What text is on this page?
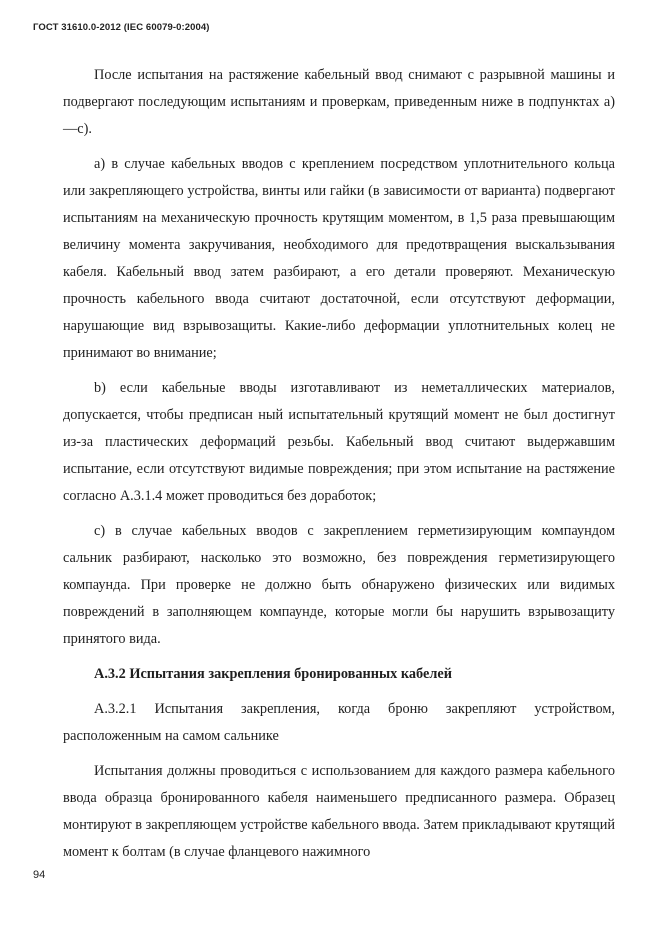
ГОСТ 31610.0-2012 (IEC 60079-0:2004)

После испытания на растяжение кабельный ввод снимают с разрывной машины и подвергают последующим испытаниям и проверкам, приведенным ниже в подпунктах a)—c).

a) в случае кабельных вводов с креплением посредством уплотнительного кольца или закрепляющего устройства, винты или гайки (в зависимости от варианта) подвергают испытаниям на механическую прочность крутящим моментом, в 1,5 раза превышающим величину момента закручивания, необходимого для предотвращения выскальзывания кабеля. Кабельный ввод затем разбирают, а его детали проверяют. Механическую прочность кабельного ввода считают достаточной, если отсутствуют деформации, нарушающие вид взрывозащиты. Какие-либо деформации уплотнительных колец не принимают во внимание;

b) если кабельные вводы изготавливают из неметаллических материалов, допускается, чтобы предписан ный испытательный крутящий момент не был достигнут из-за пластических деформаций резьбы. Кабельный ввод считают выдержавшим испытание, если отсутствуют видимые повреждения; при этом испытание на растяжение согласно А.3.1.4 может проводиться без доработок;

c) в случае кабельных вводов с закреплением герметизирующим компаундом сальник разбирают, насколько это возможно, без повреждения герметизирующего компаунда. При проверке не должно быть обнаружено физических или видимых повреждений в заполняющем компаунде, которые могли бы нарушить взрывозащиту принятого вида.

А.3.2 Испытания закрепления бронированных кабелей

А.3.2.1 Испытания закрепления, когда броню закрепляют устройством, расположенным на самом сальнике

Испытания должны проводиться с использованием для каждого размера кабельного ввода образца бронированного кабеля наименьшего предписанного размера. Образец монтируют в закрепляющем устройстве кабельного ввода. Затем прикладывают крутящий момент к болтам (в случае фланцевого нажимного

94
